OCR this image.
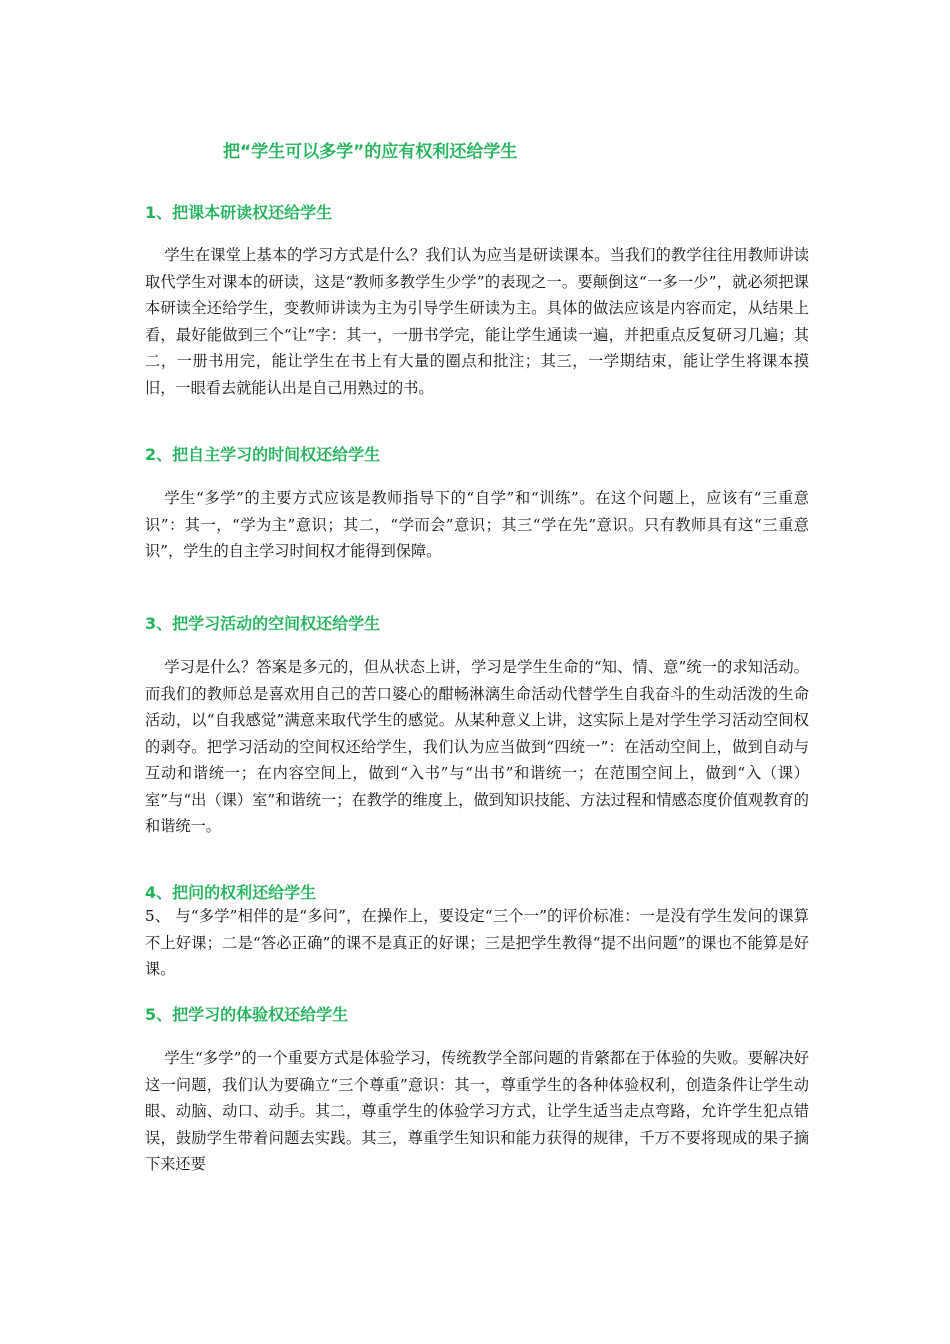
把“学生可以多学”的应有权利还给学生
1、把课本研读权还给学生
学生在课堂上基本的学习方式是什么？我们认为应当是研读课本。当我们的教学往往用教师讲读取代学生对课本的研读，这是“教师多教学生少学”的表现之一。要颠倒这“一多一少”，就必须把课本研读全还给学生，变教师讲读为主为引导学生研读为主。具体的做法应该是内容而定，从结果上看，最好能做到三个“让”字：其一，一册书学完，能让学生通读一遍，并把重点反复研习几遍；其二，一册书用完，能让学生在书上有大量的圈点和批注；其三，一学期结束，能让学生将课本摸旧，一眼看去就能认出是自己用熟过的书。
2、把自主学习的时间权还给学生
学生“多学”的主要方式应该是教师指导下的“自学”和“训练”。在这个问题上，应该有“三重意识”：其一，“学为主”意识；其二，“学而会”意识；其三“学在先”意识。只有教师具有这“三重意识”，学生的自主学习时间权才能得到保障。
3、把学习活动的空间权还给学生
学习是什么？答案是多元的，但从状态上讲，学习是学生生命的“知、情、意”统一的求知活动。而我们的教师总是喜欢用自己的苦口婆心的酣畅淋漓生命活动代替学生自我奋斗的生动活泼的生命活动，以“自我感觉”满意来取代学生的感觉。从某种意义上讲，这实际上是对学生学习活动空间权的剥夺。把学习活动的空间权还给学生，我们认为应当做到“四统一”：在活动空间上，做到自动与互动和谐统一；在内容空间上，做到“入书”与“出书”和谐统一；在范围空间上，做到“入（课）室”与“出（课）室”和谐统一；在教学的维度上，做到知识技能、方法过程和情感态度价值观教育的和谐统一。
4、把问的权利还给学生
5、 与“多学”相伴的是“多问”，在操作上，要设定“三个一”的评价标准：一是没有学生发问的课算不上好课；二是“答必正确”的课不是真正的好课；三是把学生教得“提不出问题”的课也不能算是好课。
5、把学习的体验权还给学生
学生“多学”的一个重要方式是体验学习，传统教学全部问题的肯綮都在于体验的失败。要解决好这一问题，我们认为要确立“三个尊重”意识：其一，尊重学生的各种体验权利，创造条件让学生动眼、动脑、动口、动手。其二，尊重学生的体验学习方式，让学生适当走点弯路，允许学生犯点错误，鼓励学生带着问题去实践。其三，尊重学生知识和能力获得的规律，千万不要将现成的果子摘下来还要
